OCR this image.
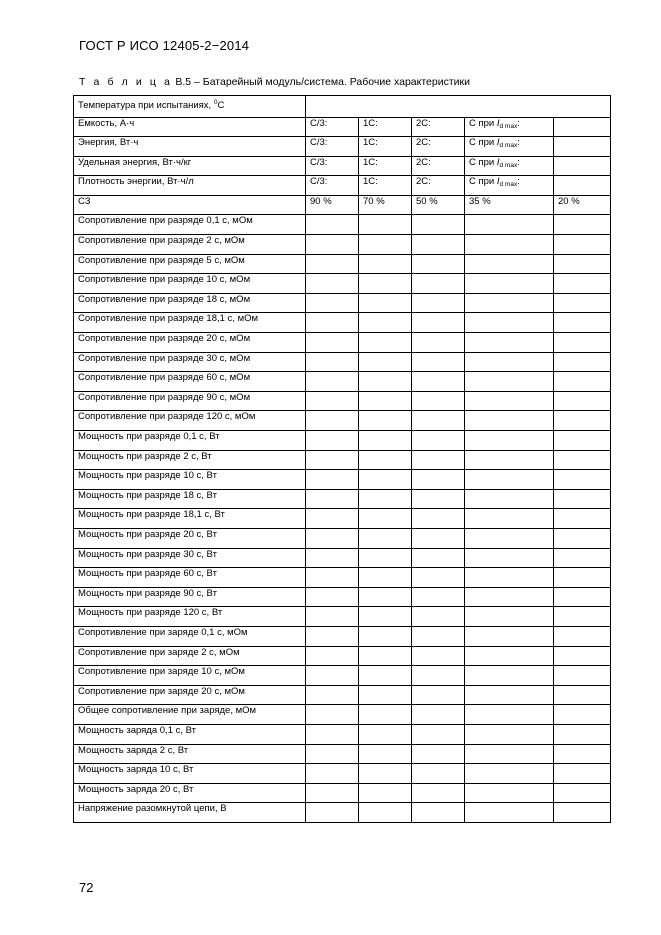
ГОСТ Р ИСО 12405-2−2014
Т а б л и ц а В.5 – Батарейный модуль/система. Рабочие характеристики
Температура при испытаниях, $^0$С					
Емкость, А·ч	С/3:	1С:	2С:	С при $I_{d max}$:	
Энергия, Вт·ч	С/3:	1С:	2С:	С при $I_{d max}$:	
Удельная энергия, Вт·ч/кг	С/3:	1С:	2С:	С при $I_{d max}$:	
Плотность энергии, Вт·ч/л	С/3:	1С:	2С:	С при $I_{d max}$:	
СЗ	90 %	70 %	50 %	35 %	20 %
Сопротивление при разряде 0,1 с, мОм					
Сопротивление при разряде 2 с, мОм					
Сопротивление при разряде 5 с, мОм					
Сопротивление при разряде 10 с, мОм					
Сопротивление при разряде 18 с, мОм					
Сопротивление при разряде 18,1 с, мОм					
Сопротивление при разряде 20 с, мОм					
Сопротивление при разряде 30 с, мОм					
Сопротивление при разряде 60 с, мОм					
Сопротивление при разряде 90 с, мОм					
Сопротивление при разряде 120 с, мОм					
Мощность при разряде 0,1 с, Вт					
Мощность при разряде 2 с, Вт					
Мощность при разряде 10 с, Вт					
Мощность при разряде 18 с, Вт					
Мощность при разряде 18,1 с, Вт					
Мощность при разряде 20 с, Вт					
Мощность при разряде 30 с, Вт					
Мощность при разряде 60 с, Вт					
Мощность при разряде 90 с, Вт					
Мощность при разряде 120 с, Вт					
Сопротивление при заряде 0,1 с, мОм					
Сопротивление при заряде 2 с, мОм					
Сопротивление при заряде 10 с, мОм					
Сопротивление при заряде 20 с, мОм					
Общее сопротивление при заряде, мОм					
Мощность заряда 0,1 с, Вт					
Мощность заряда 2 с, Вт					
Мощность заряда 10 с, Вт					
Мощность заряда 20 с, Вт					
Напряжение разомкнутой цепи, В					
72
